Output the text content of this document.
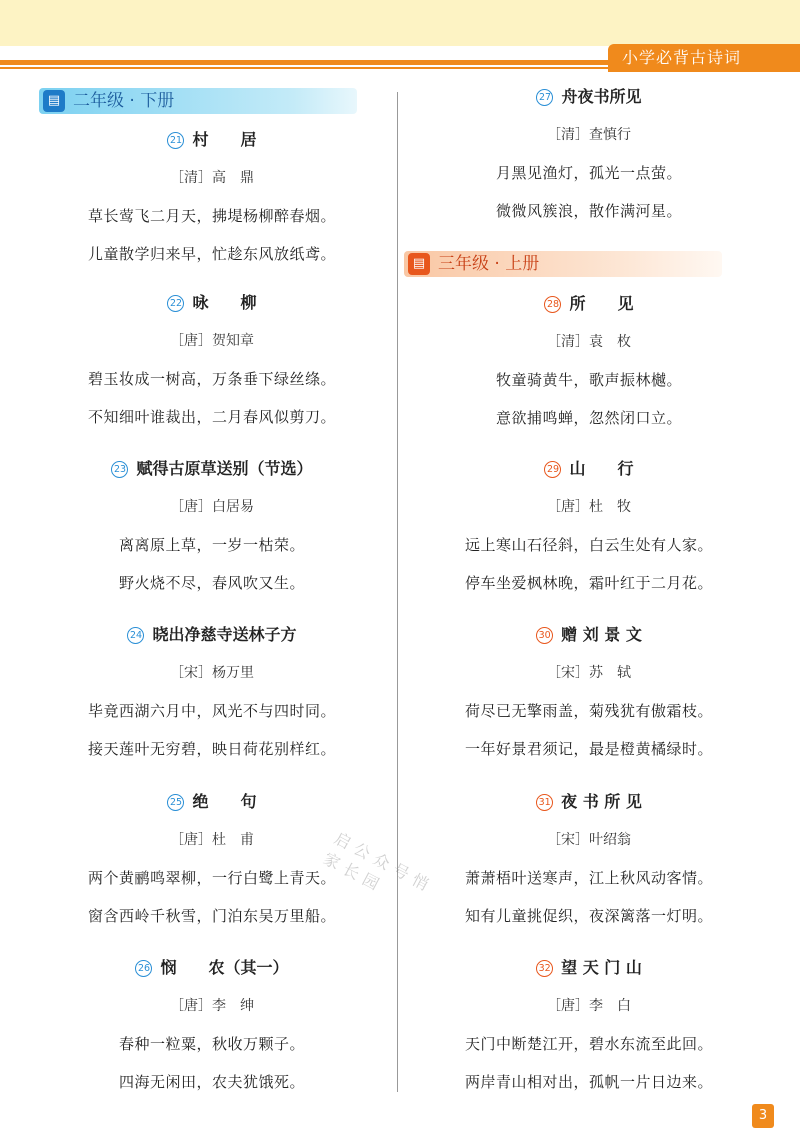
小学必背古诗词
▤ 二年级 · 下册
21 村　　居
［清］高　鼎
草长莺飞二月天，拂堤杨柳醉春烟。
儿童散学归来早，忙趁东风放纸鸢。
22 咏　　柳
［唐］贺知章
碧玉妆成一树高，万条垂下绿丝绦。
不知细叶谁裁出，二月春风似剪刀。
23 赋得古原草送别（节选）
［唐］白居易
离离原上草，一岁一枯荣。
野火烧不尽，春风吹又生。
24 晓出净慈寺送林子方
［宋］杨万里
毕竟西湖六月中，风光不与四时同。
接天莲叶无穷碧，映日荷花别样红。
25 绝　　句
［唐］杜　甫
两个黄鹂鸣翠柳，一行白鹭上青天。
窗含西岭千秋雪，门泊东吴万里船。
26 悯　　农（其一）
［唐］李　绅
春种一粒粟，秋收万颗子。
四海无闲田，农夫犹饿死。
27 舟夜书所见
［清］查慎行
月黑见渔灯，孤光一点萤。
微微风簇浪，散作满河星。
▤ 三年级 · 上册
28 所　　见
［清］袁　枚
牧童骑黄牛，歌声振林樾。
意欲捕鸣蝉，忽然闭口立。
29 山　　行
［唐］杜　牧
远上寒山石径斜，白云生处有人家。
停车坐爱枫林晚，霜叶红于二月花。
30 赠 刘 景 文
［宋］苏　轼
荷尽已无擎雨盖，菊残犹有傲霜枝。
一年好景君须记，最是橙黄橘绿时。
31 夜 书 所 见
［宋］叶绍翁
萧萧梧叶送寒声，江上秋风动客情。
知有儿童挑促织，夜深篱落一灯明。
32 望 天 门 山
［唐］李　白
天门中断楚江开，碧水东流至此回。
两岸青山相对出，孤帆一片日边来。
启公众号悄家长园
3
